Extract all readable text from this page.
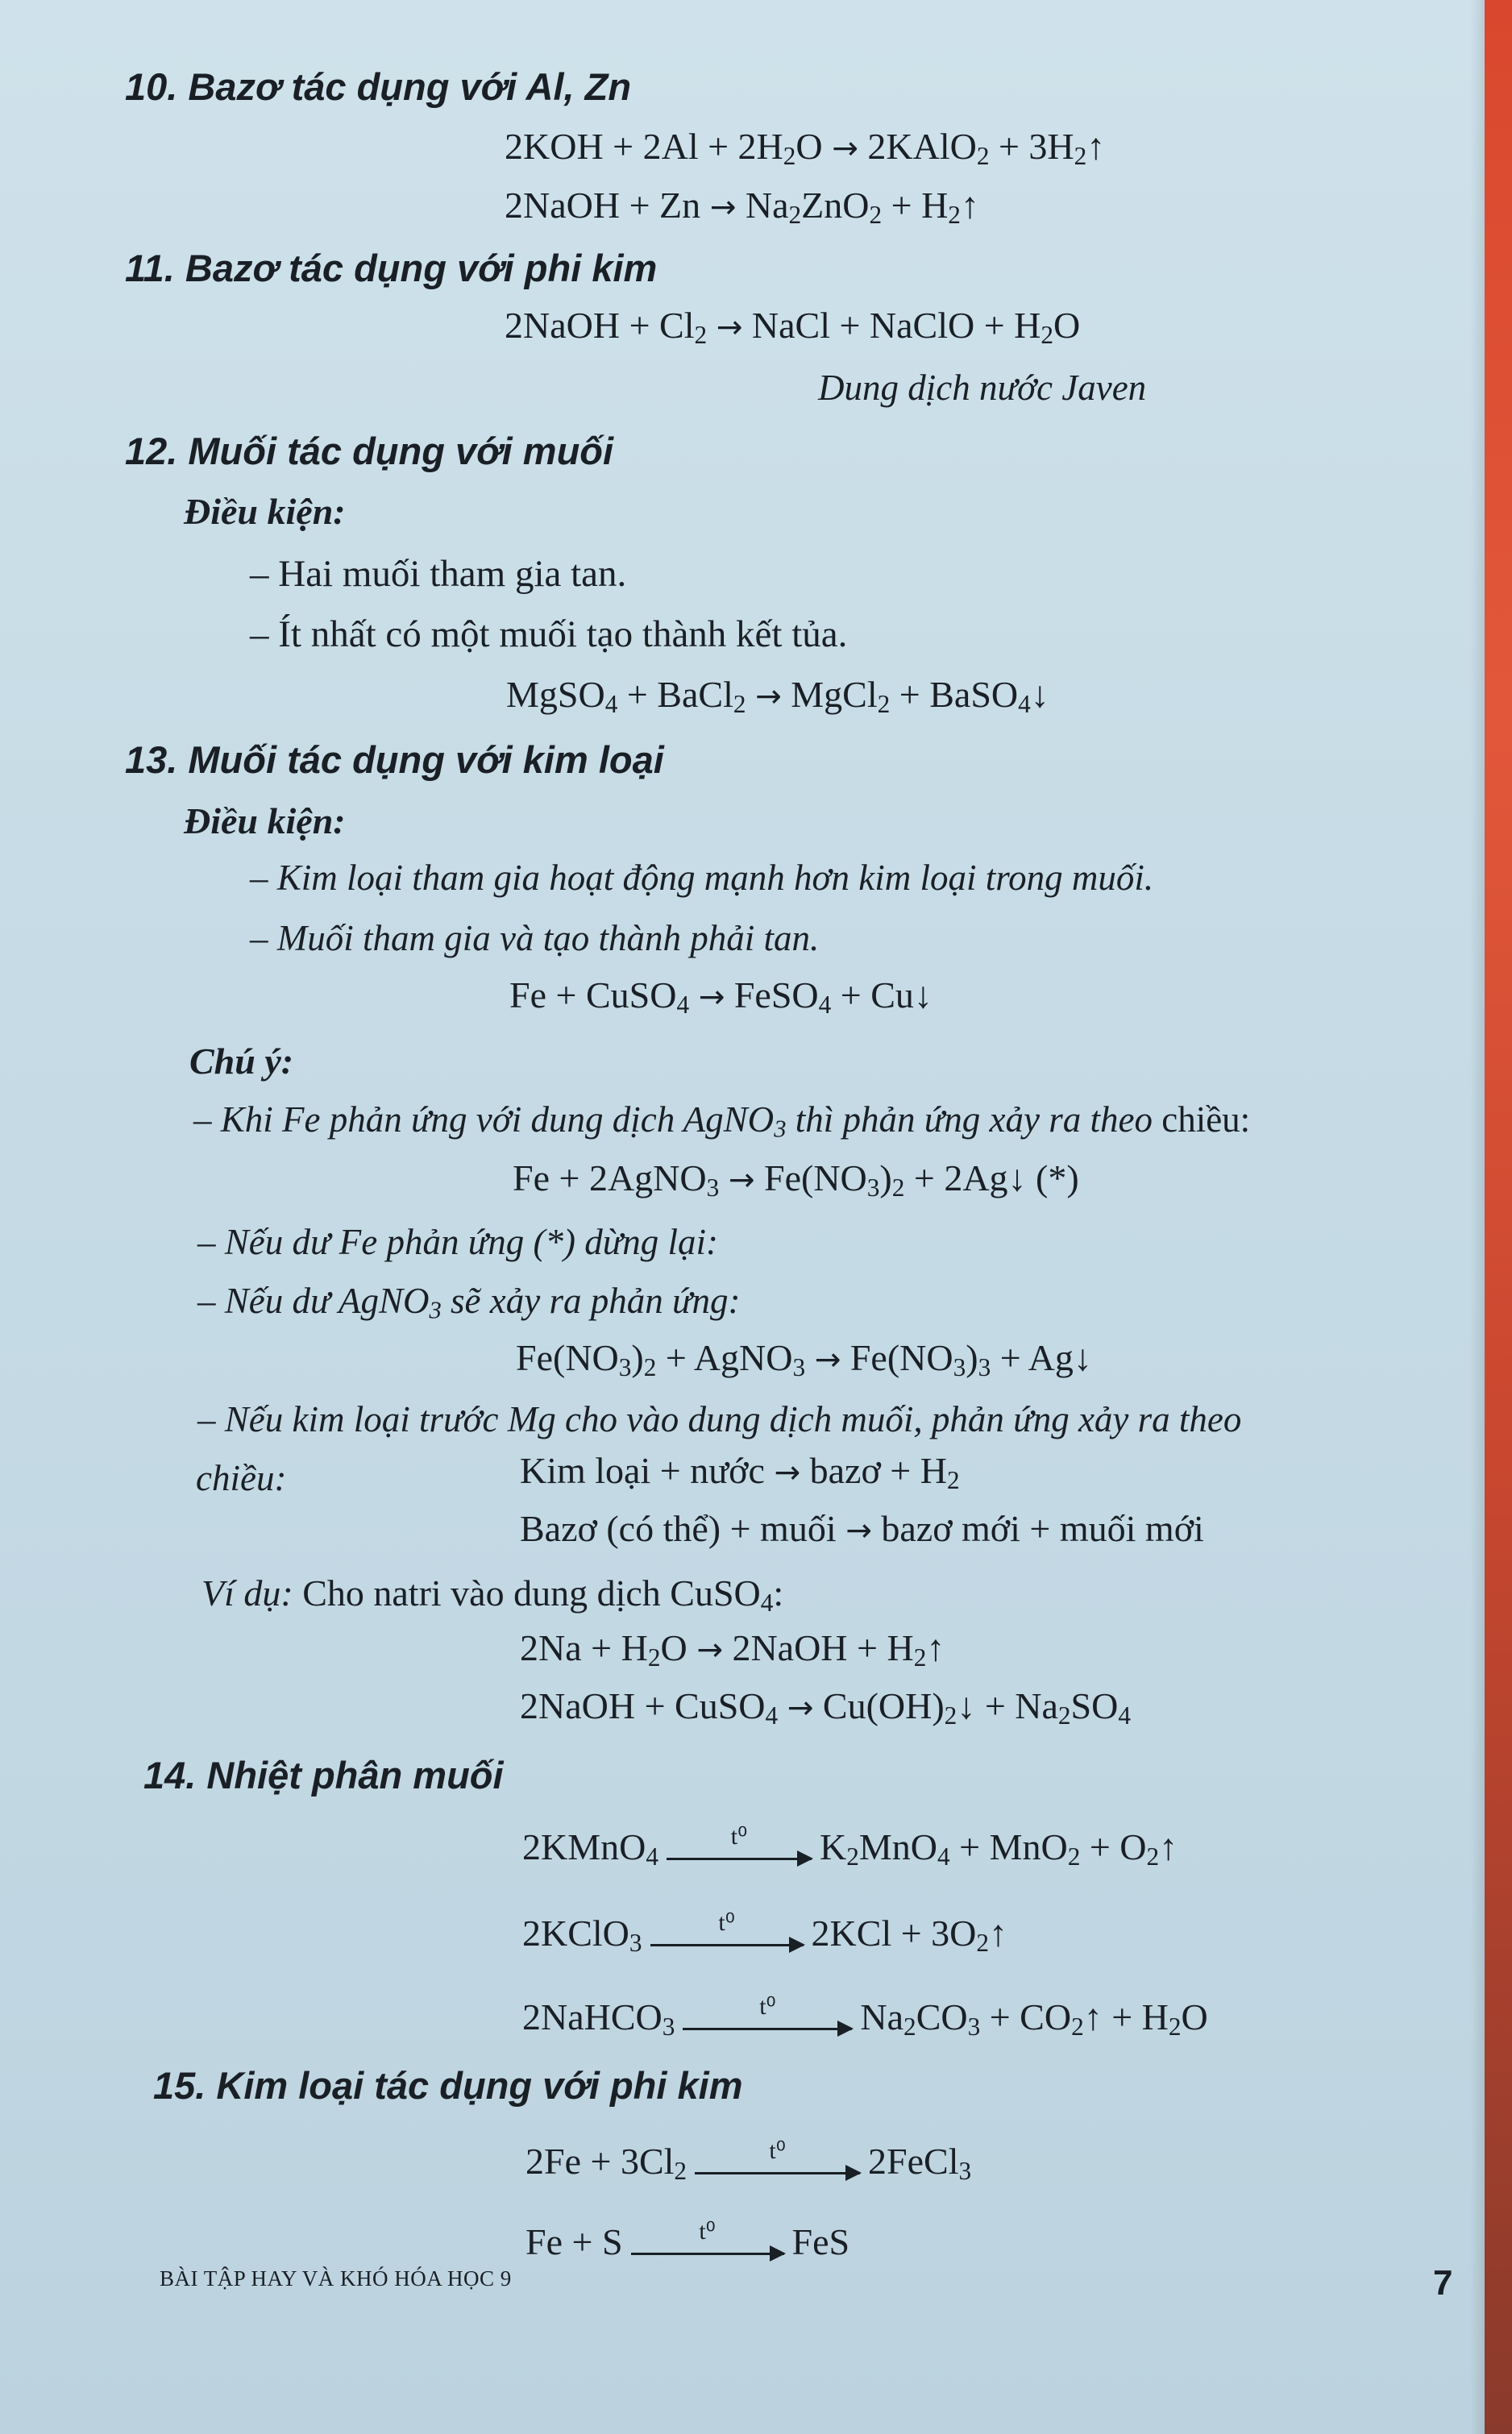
10. Bazơ tác dụng với Al, Zn
$2KOH + 2Al + 2H_2O$ → 2KAlO$_2$ + $3H_2↑$
2NaOH + $Zn \to Na_2ZnO_2$ + $H_2↑$
11. Bazơ tác dụng với phi kim
2NaOH + $Cl_2$ → NaCl + NaClO + $H_2O$
Dung dịch nước Javen
12. Muối tác dụng với muối
Điều kiện:
– Hai muối tham gia tan.
– Ít nhất có một muối tạo thành kết tủa.
MgSO$_4$ + BaCl$_2$ → MgCl$_2$ + BaSO$_4$↓
13. Muối tác dụng với kim loại
Điều kiện:
– Kim loại tham gia hoạt động mạnh hơn kim loại trong muối.
– Muối tham gia và tạo thành phải tan.
Fe + CuSO$_4$ → FeSO$_4$ + Cu↓
Chú ý:
– Khi Fe phản ứng với dung dịch AgNO$_3$ thì phản ứng xảy ra theo chiều:
Fe + 2AgNO$_3$ → $Fe(NO_3)_2$ + 2Ag↓ (*)
– Nếu dư Fe phản ứng (*) dừng lại:
– Nếu dư AgNO$_3$ sẽ xảy ra phản ứng:
$Fe(NO_3)_2$ + AgNO$_3$ → $Fe(NO_3)_3$ + Ag↓
– Nếu kim loại trước Mg cho vào dung dịch muối, phản ứng xảy ra theo
chiều:	Kim loại + nước → bazơ + $H_2$
Bazơ (có thể) + muối → bazơ mới + muối mới
Ví dụ: Cho natri vào dung dịch CuSO$_4$:
$2Na + H_2O$ → 2NaOH + $H_2↑$
2NaOH + CuSO$_4$ → $Cu(OH)_2↓ + Na_2SO_4$
14. Nhiệt phân muối
2KMnO$_4$
t⁰	$K_2MnO_4 + MnO_2$ + $O_2↑$
2KClO$_3$
t⁰	$2KCl + 3O_2↑$
2NaHCO$_3$
t⁰	$Na_2CO_3$ + $CO_2↑ + H_2O$
15. Kim loại tác dụng với phi kim
$2Fe + 3Cl_2$
t⁰	2FeCl$_3$
Fe + S	t⁰	FeS
BÀI TẬP HAY VÀ KHÓ HÓA HỌC 9	7
